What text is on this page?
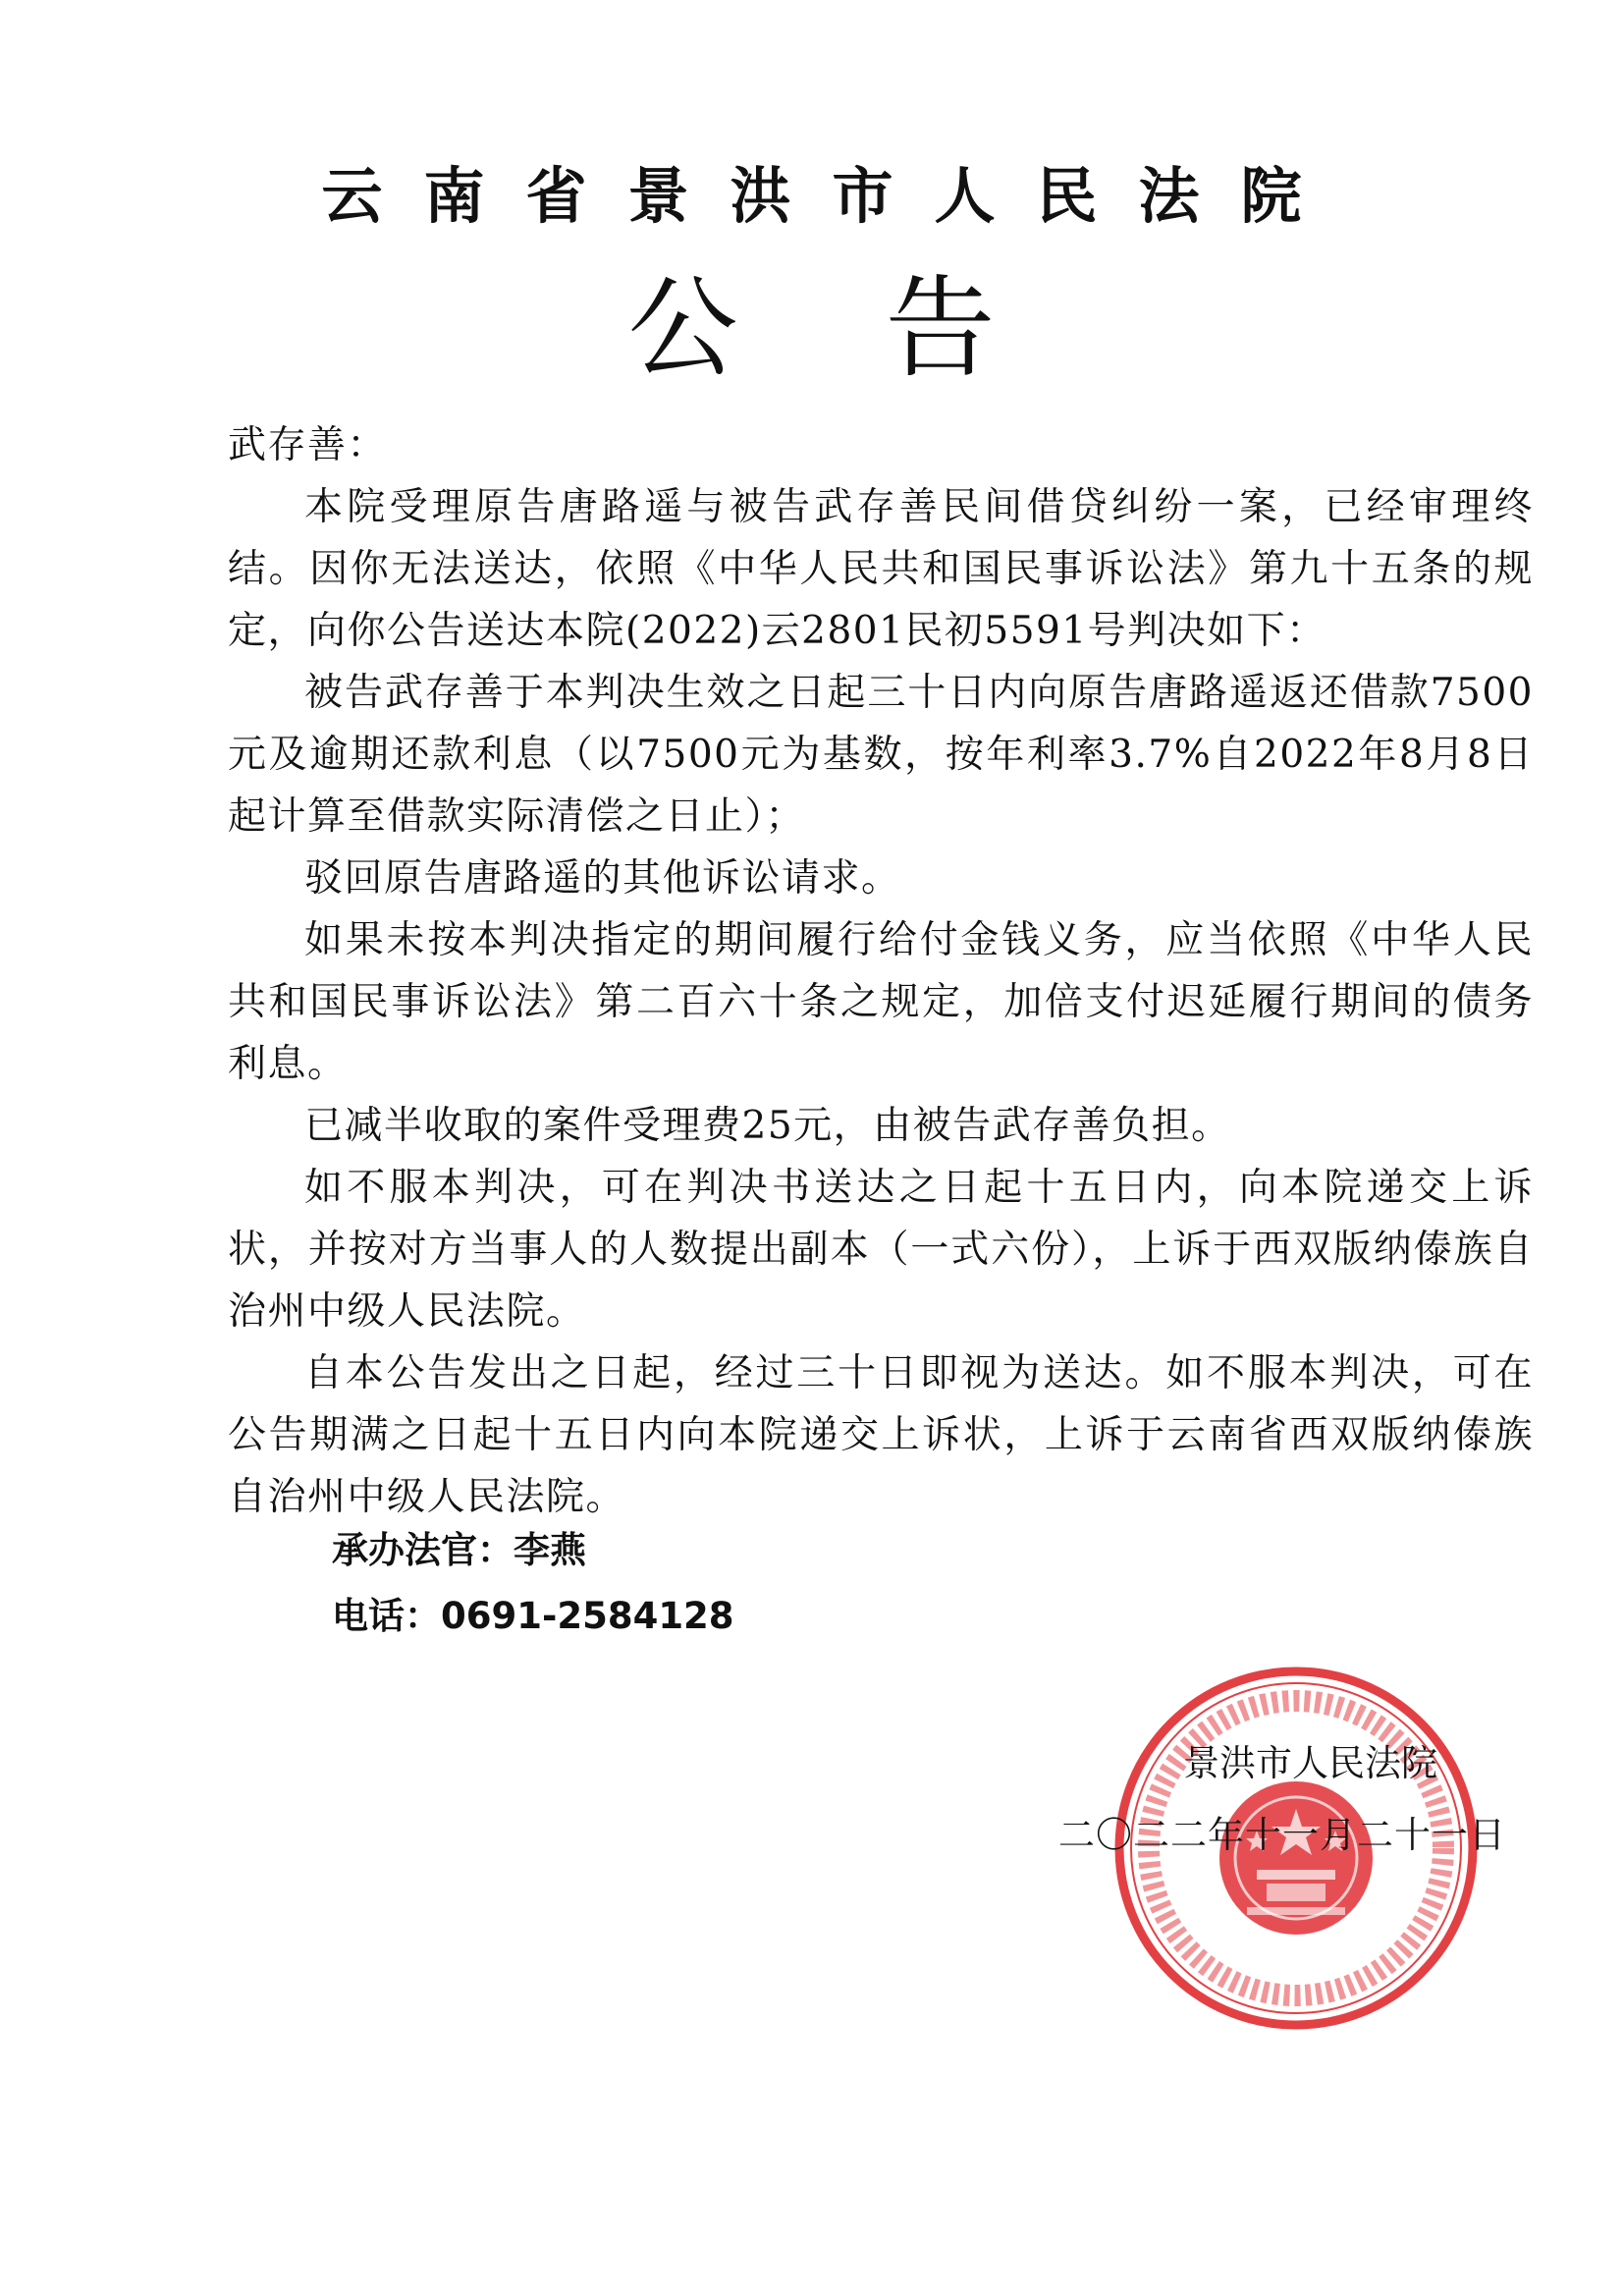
云南省景洪市人民法院
公告

武存善：

本院受理原告唐路遥与被告武存善民间借贷纠纷一案，已经审理终结。因你无法送达，依照《中华人民共和国民事诉讼法》第九十五条的规定，向你公告送达本院(2022)云2801民初5591号判决如下：

被告武存善于本判决生效之日起三十日内向原告唐路遥返还借款7500元及逾期还款利息（以7500元为基数，按年利率3.7%自2022年8月8日起计算至借款实际清偿之日止）；

驳回原告唐路遥的其他诉讼请求。

如果未按本判决指定的期间履行给付金钱义务，应当依照《中华人民共和国民事诉讼法》第二百六十条之规定，加倍支付迟延履行期间的债务利息。

已减半收取的案件受理费25元，由被告武存善负担。

如不服本判决，可在判决书送达之日起十五日内，向本院递交上诉状，并按对方当事人的人数提出副本（一式六份），上诉于西双版纳傣族自治州中级人民法院。

自本公告发出之日起，经过三十日即视为送达。如不服本判决，可在公告期满之日起十五日内向本院递交上诉状，上诉于云南省西双版纳傣族自治州中级人民法院。

承办法官：李燕
电话：0691-2584128
景洪市人民法院
二〇二二年十一月二十一日
